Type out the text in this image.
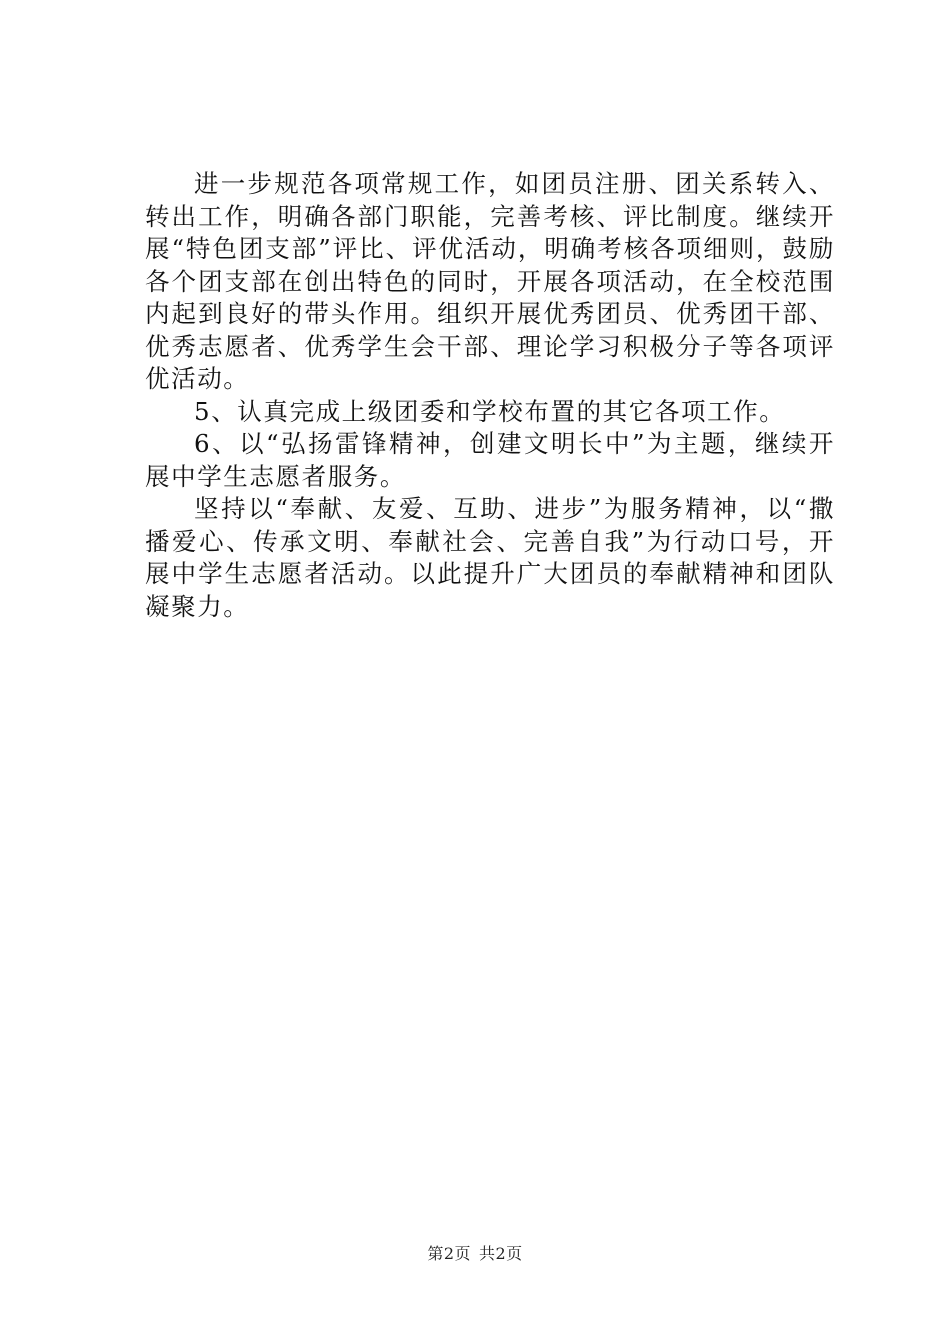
进一步规范各项常规工作，如团员注册、团关系转入、转出工作，明确各部门职能，完善考核、评比制度。继续开展“特色团支部”评比、评优活动，明确考核各项细则，鼓励各个团支部在创出特色的同时，开展各项活动，在全校范围内起到良好的带头作用。组织开展优秀团员、优秀团干部、优秀志愿者、优秀学生会干部、理论学习积极分子等各项评优活动。

5、认真完成上级团委和学校布置的其它各项工作。

6、以“弘扬雷锋精神，创建文明长中”为主题，继续开展中学生志愿者服务。

坚持以“奉献、友爱、互助、进步”为服务精神，以“撒播爱心、传承文明、奉献社会、完善自我”为行动口号，开展中学生志愿者活动。以此提升广大团员的奉献精神和团队凝聚力。

第2页 共2页
